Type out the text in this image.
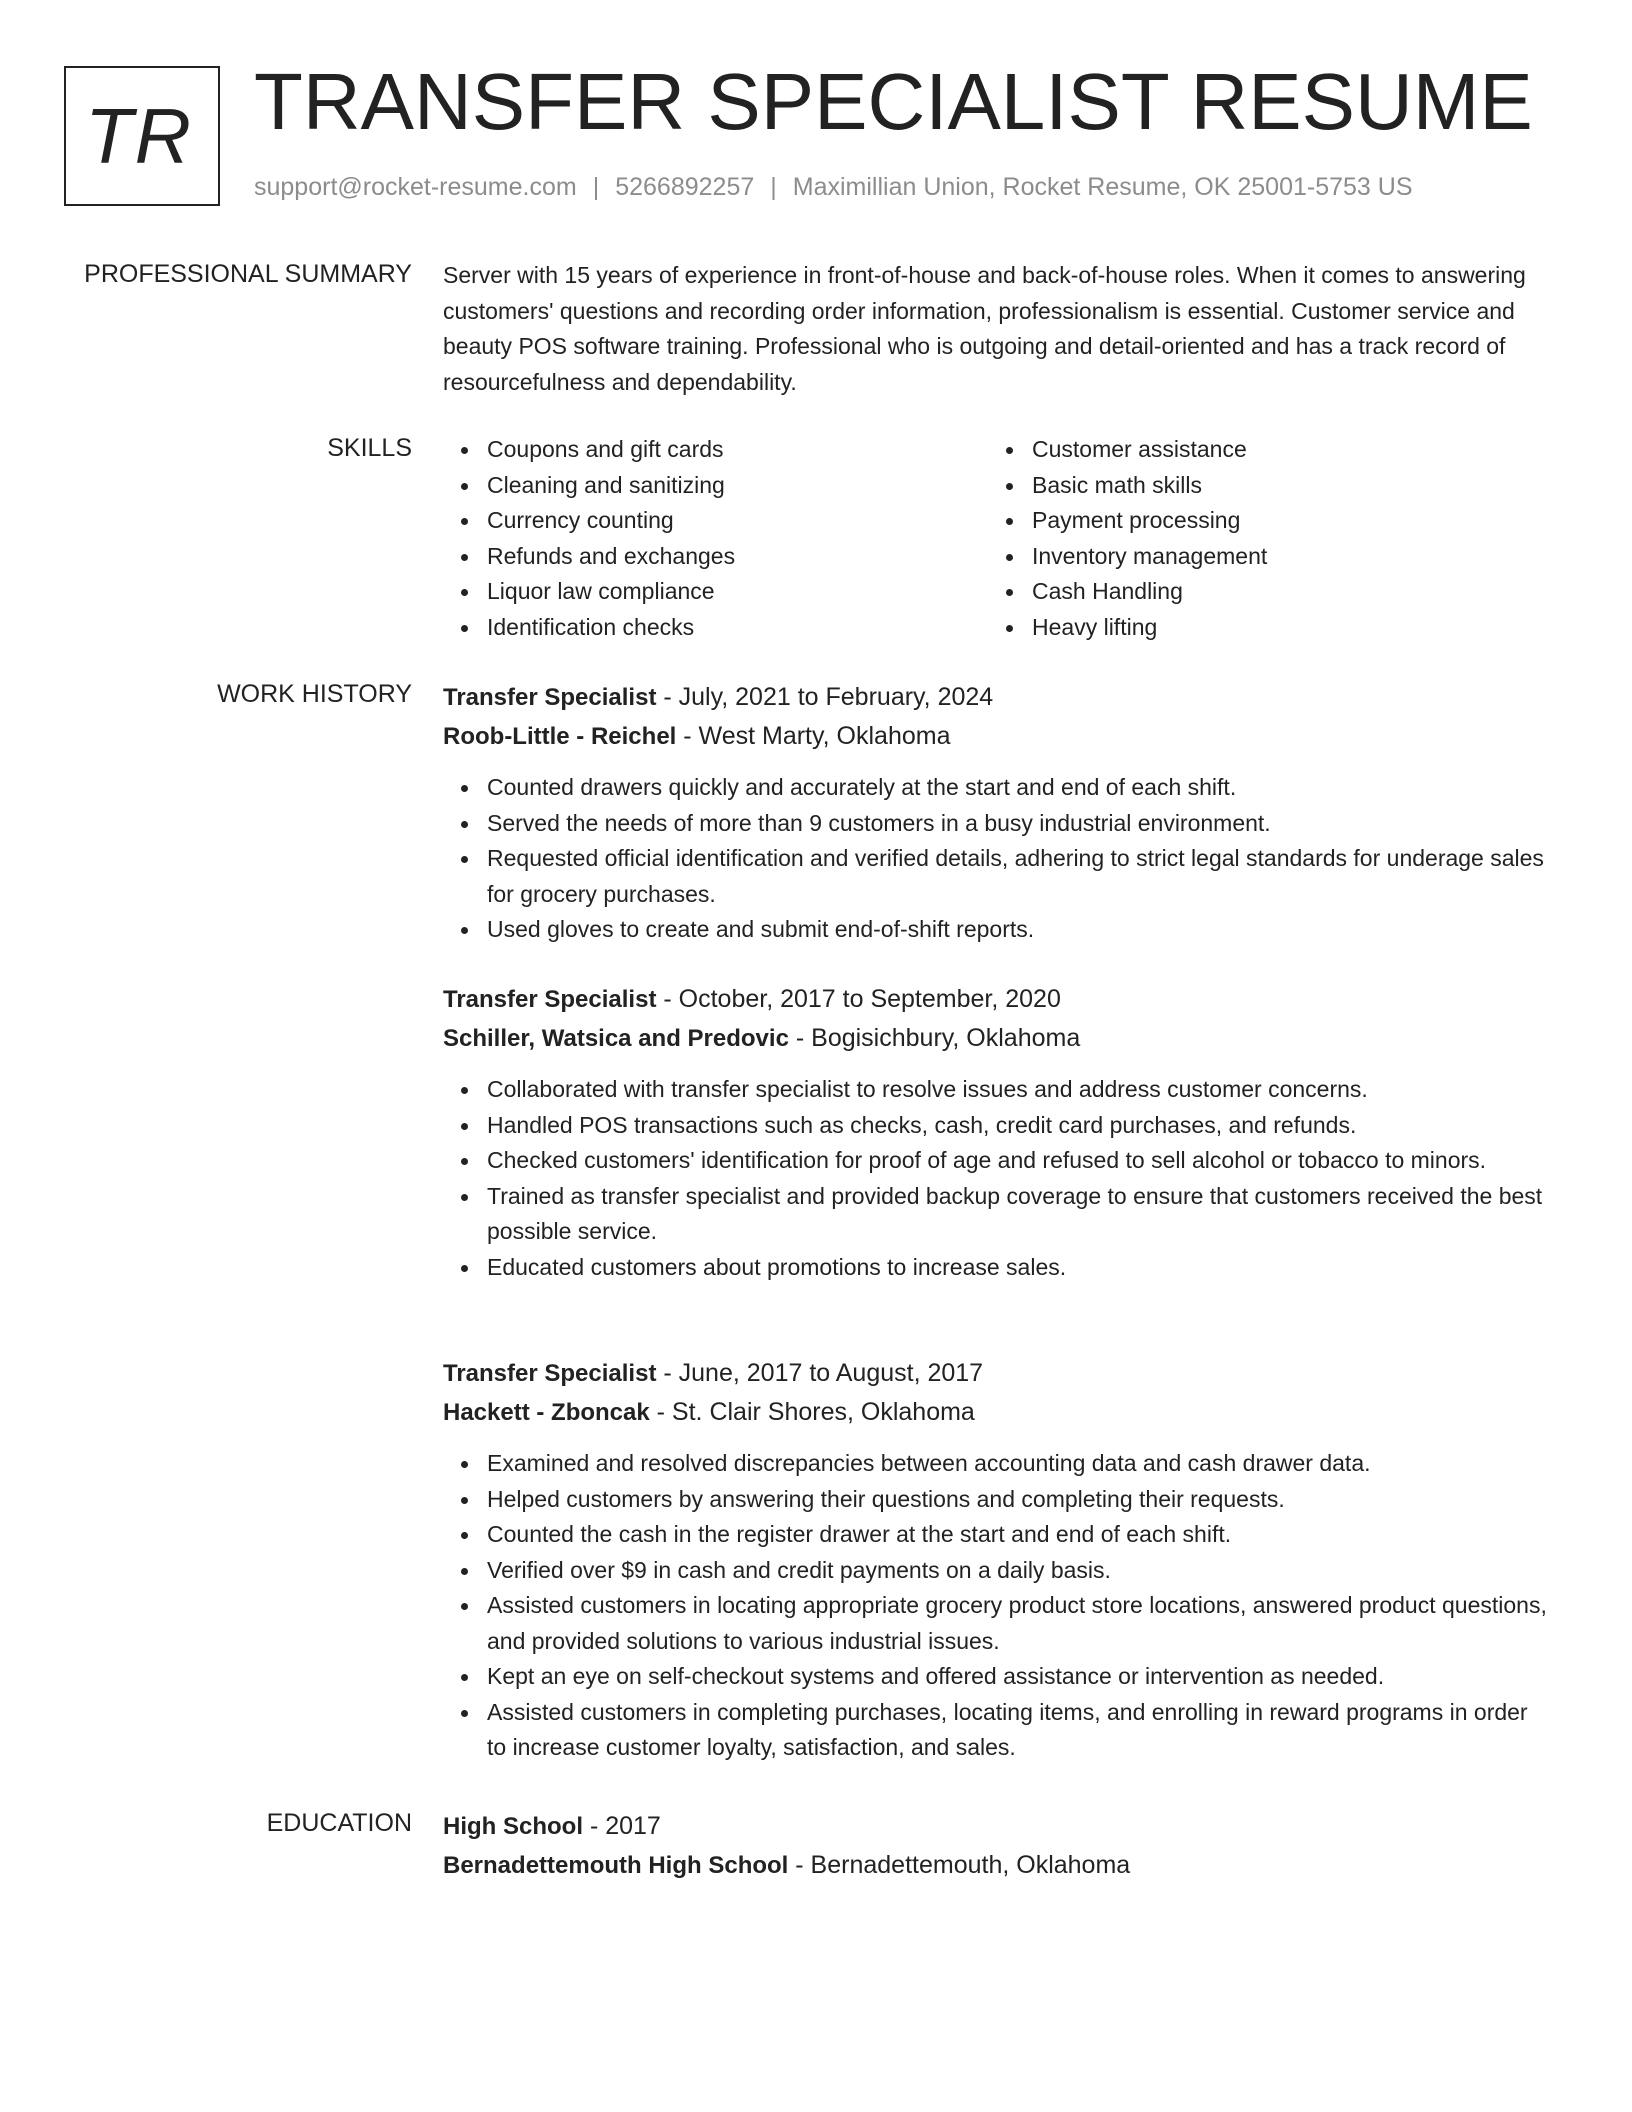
TR TRANSFER SPECIALIST RESUME
support@rocket-resume.com | 5266892257 | Maximillian Union, Rocket Resume, OK 25001-5753 US
PROFESSIONAL SUMMARY Server with 15 years of experience in front-of-house and back-of-house roles. When it comes to answering customers' questions and recording order information, professionalism is essential. Customer service and beauty POS software training. Professional who is outgoing and detail-oriented and has a track record of resourcefulness and dependability.

SKILLS	Coupons and gift cards
Cleaning and sanitizing
Currency counting
Refunds and exchanges
Liquor law compliance
Identification checks
Customer assistance
Basic math skills
Payment processing
Inventory management
Cash Handling
Heavy lifting
WORK HISTORY Transfer Specialist - July, 2021 to February, 2024
Roob-Little - Reichel - West Marty, Oklahoma
Counted drawers quickly and accurately at the start and end of each shift.
Served the needs of more than 9 customers in a busy industrial environment.
Requested official identification and verified details, adhering to strict legal standards for underage sales for grocery purchases.
Used gloves to create and submit end-of-shift reports.
Transfer Specialist - October, 2017 to September, 2020
Schiller, Watsica and Predovic - Bogisichbury, Oklahoma
Collaborated with transfer specialist to resolve issues and address customer concerns.
Handled POS transactions such as checks, cash, credit card purchases, and refunds.
Checked customers' identification for proof of age and refused to sell alcohol or tobacco to minors.
Trained as transfer specialist and provided backup coverage to ensure that customers received the best possible service.
Educated customers about promotions to increase sales.
Transfer Specialist - June, 2017 to August, 2017
Hackett - Zboncak - St. Clair Shores, Oklahoma
Examined and resolved discrepancies between accounting data and cash drawer data.
Helped customers by answering their questions and completing their requests.
Counted the cash in the register drawer at the start and end of each shift.
Verified over $9 in cash and credit payments on a daily basis.
Assisted customers in locating appropriate grocery product store locations, answered product questions, and provided solutions to various industrial issues.
Kept an eye on self-checkout systems and offered assistance or intervention as needed.
Assisted customers in completing purchases, locating items, and enrolling in reward programs in order to increase customer loyalty, satisfaction, and sales.
EDUCATION High School - 2017
Bernadettemouth High School - Bernadettemouth, Oklahoma
